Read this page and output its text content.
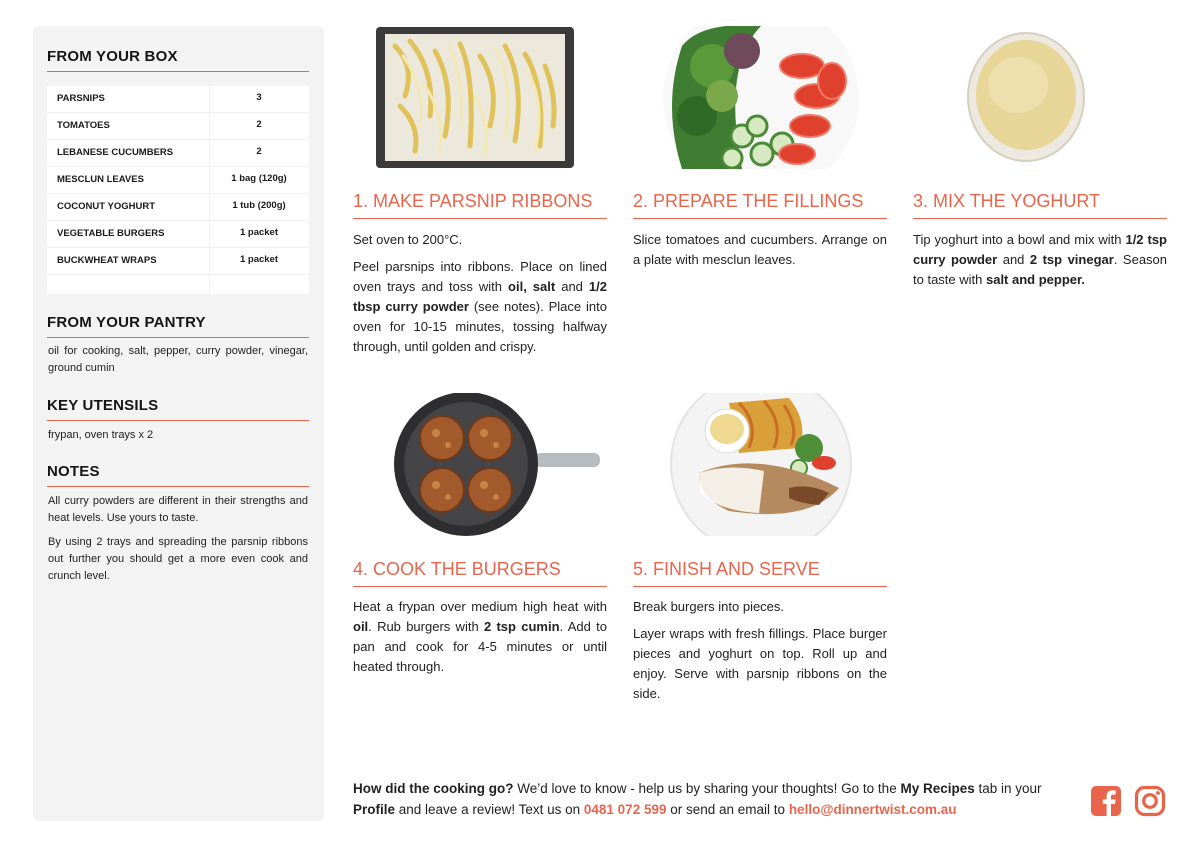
FROM YOUR BOX
PARSNIPS	3
TOMATOES	2
LEBANESE CUCUMBERS	2
MESCLUN LEAVES	1 bag (120g)
COCONUT YOGHURT	1 tub (200g)
VEGETABLE BURGERS	1 packet
BUCKWHEAT WRAPS	1 packet
FROM YOUR PANTRY
oil for cooking, salt, pepper, curry powder, vinegar, ground cumin
KEY UTENSILS
frypan, oven trays x 2
NOTES
All curry powders are different in their strengths and heat levels. Use yours to taste.
By using 2 trays and spreading the parsnip ribbons out further you should get a more even cook and crunch level.
1. MAKE PARSNIP RIBBONS	2. PREPARE THE FILLINGS	3. MIX THE YOGHURT
4. COOK THE BURGERS	5. FINISH AND SERVE

Set oven to 200°C.

Peel parsnips into ribbons. Place on lined oven trays and toss with oil, salt and 1/2 tbsp curry powder (see notes). Place into oven for 10-15 minutes, tossing halfway through, until golden and crispy.

Slice tomatoes and cucumbers. Arrange on a plate with mesclun leaves.

Tip yoghurt into a bowl and mix with 1/2 tsp curry powder and 2 tsp vinegar. Season to taste with salt and pepper.

Heat a frypan over medium high heat with oil. Rub burgers with 2 tsp cumin. Add to pan and cook for 4-5 minutes or until heated through.

Break burgers into pieces.

Layer wraps with fresh fillings. Place burger pieces and yoghurt on top. Roll up and enjoy. Serve with parsnip ribbons on the side.

How did the cooking go? We’d love to know - help us by sharing your thoughts! Go to the My Recipes tab in your Profile and leave a review! Text us on 0481 072 599 or send an email to hello@dinnertwist.com.au
